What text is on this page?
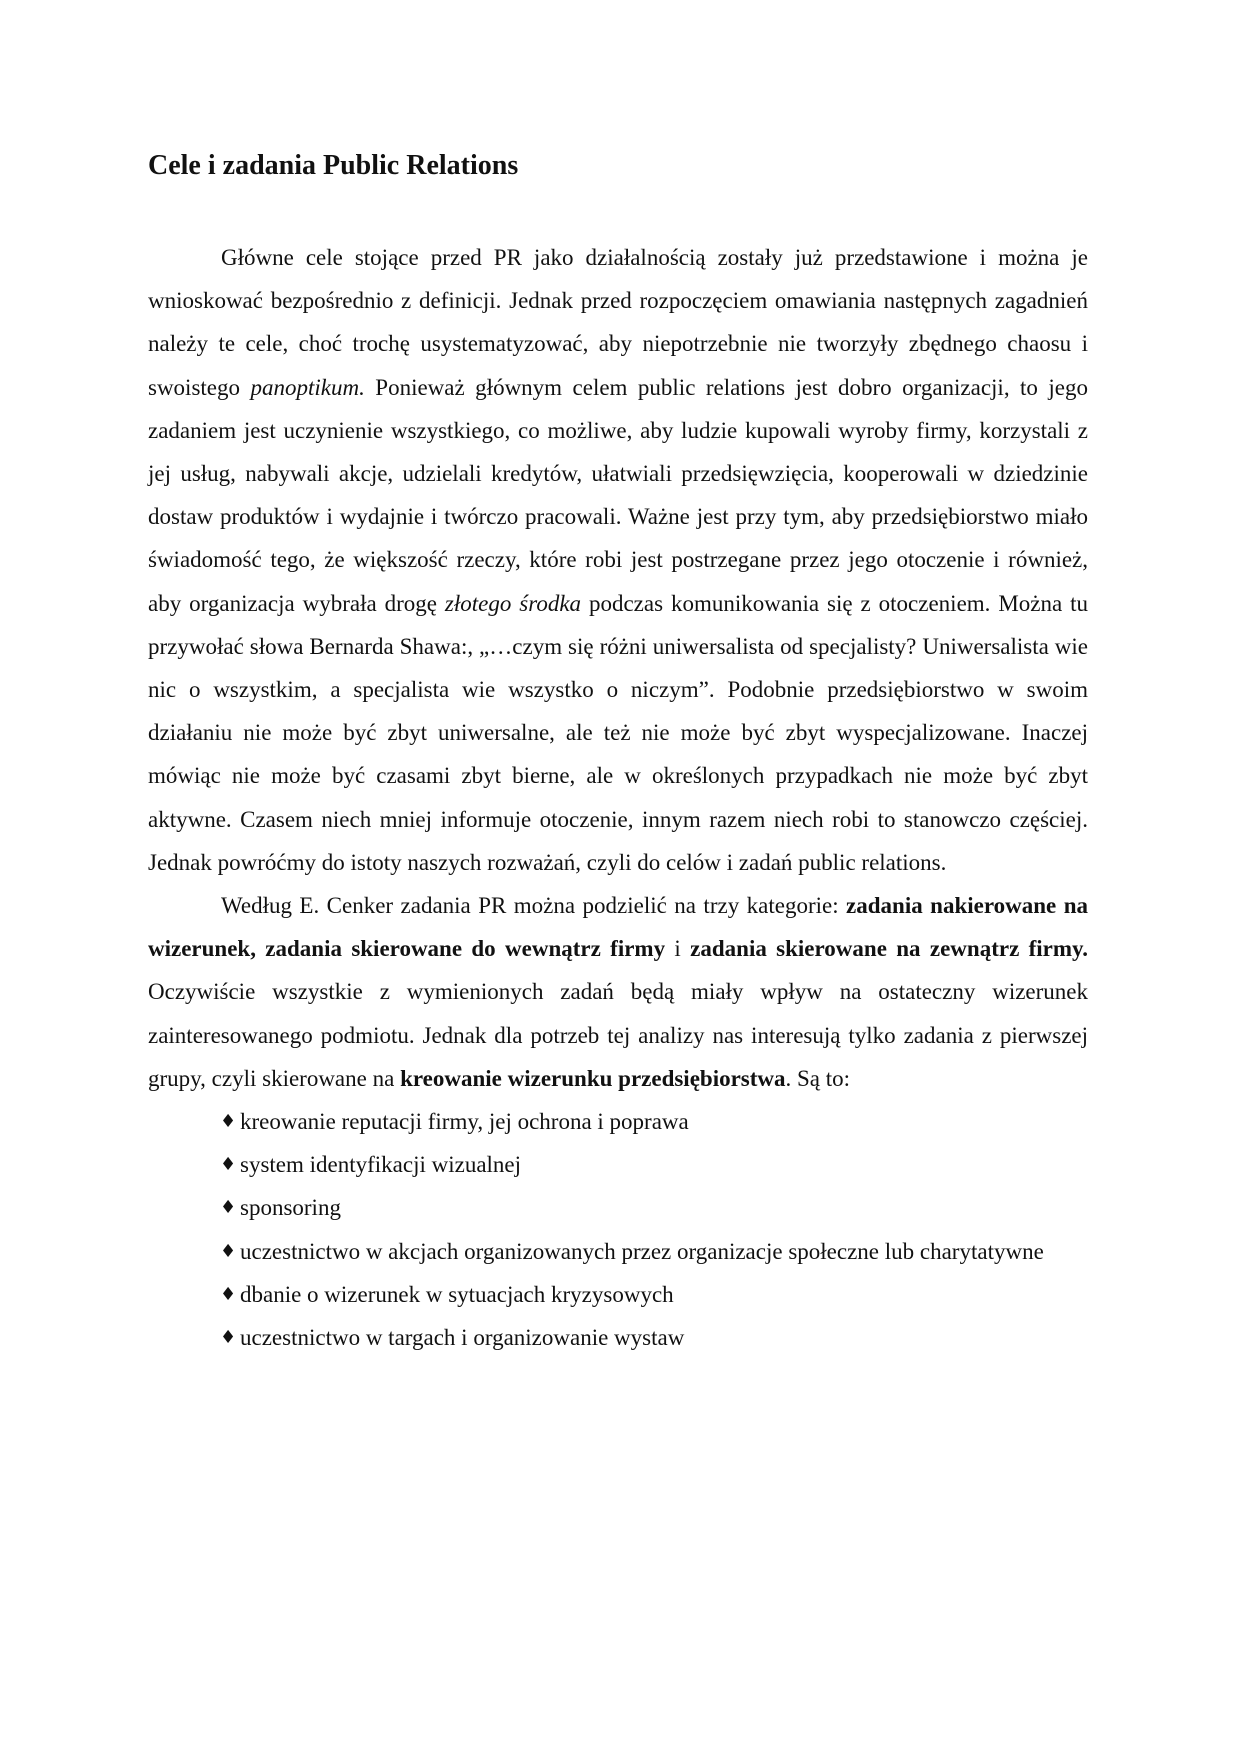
Cele i zadania Public Relations

Główne cele stojące przed PR jako działalnością zostały już przedstawione i można je wnioskować bezpośrednio z definicji. Jednak przed rozpoczęciem omawiania następnych zagadnień należy te cele, choć trochę usystematyzować, aby niepotrzebnie nie tworzyły zbędnego chaosu i swoistego panoptikum. Ponieważ głównym celem public relations jest dobro organizacji, to jego zadaniem jest uczynienie wszystkiego, co możliwe, aby ludzie kupowali wyroby firmy, korzystali z jej usług, nabywali akcje, udzielali kredytów, ułatwiali przedsięwzięcia, kooperowali w dziedzinie dostaw produktów i wydajnie i twórczo pracowali. Ważne jest przy tym, aby przedsiębiorstwo miało świadomość tego, że większość rzeczy, które robi jest postrzegane przez jego otoczenie i również, aby organizacja wybrała drogę złotego środka podczas komunikowania się z otoczeniem. Można tu przywołać słowa Bernarda Shawa:, „…czym się różni uniwersalista od specjalisty? Uniwersalista wie nic o wszystkim, a specjalista wie wszystko o niczym”. Podobnie przedsiębiorstwo w swoim działaniu nie może być zbyt uniwersalne, ale też nie może być zbyt wyspecjalizowane. Inaczej mówiąc nie może być czasami zbyt bierne, ale w określonych przypadkach nie może być zbyt aktywne. Czasem niech mniej informuje otoczenie, innym razem niech robi to stanowczo częściej. Jednak powróćmy do istoty naszych rozważań, czyli do celów i zadań public relations.

Według E. Cenker zadania PR można podzielić na trzy kategorie: zadania nakierowane na wizerunek, zadania skierowane do wewnątrz firmy i zadania skierowane na zewnątrz firmy. Oczywiście wszystkie z wymienionych zadań będą miały wpływ na ostateczny wizerunek zainteresowanego podmiotu. Jednak dla potrzeb tej analizy nas interesują tylko zadania z pierwszej grupy, czyli skierowane na kreowanie wizerunku przedsiębiorstwa. Są to:

♦ kreowanie reputacji firmy, jej ochrona i poprawa
♦ system identyfikacji wizualnej
♦ sponsoring
♦ uczestnictwo w akcjach organizowanych przez organizacje społeczne lub charytatywne
♦ dbanie o wizerunek w sytuacjach kryzysowych
♦ uczestnictwo w targach i organizowanie wystaw
